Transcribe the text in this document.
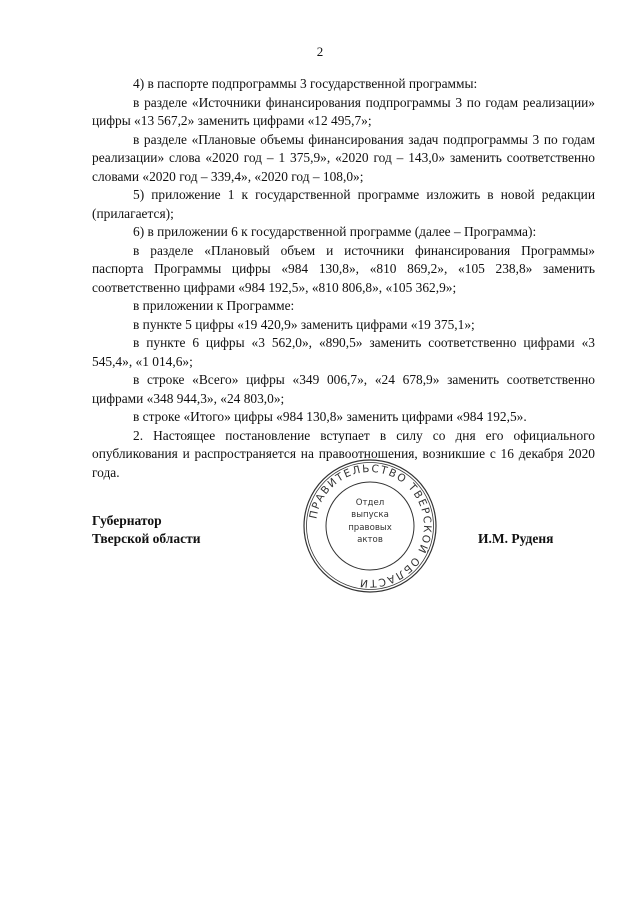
2

4) в паспорте подпрограммы 3 государственной программы:

в разделе «Источники финансирования подпрограммы 3 по годам реализации» цифры «13 567,2» заменить цифрами «12 495,7»;

в разделе «Плановые объемы финансирования задач подпрограммы 3 по годам реализации» слова «2020 год – 1 375,9», «2020 год – 143,0» заменить соответственно словами «2020 год – 339,4», «2020 год – 108,0»;

5) приложение 1 к государственной программе изложить в новой редакции (прилагается);

6) в приложении 6 к государственной программе (далее – Программа):

в разделе «Плановый объем и источники финансирования Программы» паспорта Программы цифры «984 130,8», «810 869,2», «105 238,8» заменить соответственно цифрами «984 192,5», «810 806,8», «105 362,9»;

в приложении к Программе:

в пункте 5 цифры «19 420,9» заменить цифрами «19 375,1»;

в пункте 6 цифры «3 562,0», «890,5» заменить соответственно цифрами «3 545,4», «1 014,6»;

в строке «Всего» цифры «349 006,7», «24 678,9» заменить соответственно цифрами «348 944,3», «24 803,0»;

в строке «Итого» цифры «984 130,8» заменить цифрами «984 192,5».

2. Настоящее постановление вступает в силу со дня его официального опубликования и распространяется на правоотношения, возникшие с 16 декабря 2020 года.

Губернатор
Тверской области	И.М. Руденя
ПРАВИТЕЛЬСТВО ТВЕРСКОЙ ОБЛАСТИ
Отдел
выпуска
правовых
актов
